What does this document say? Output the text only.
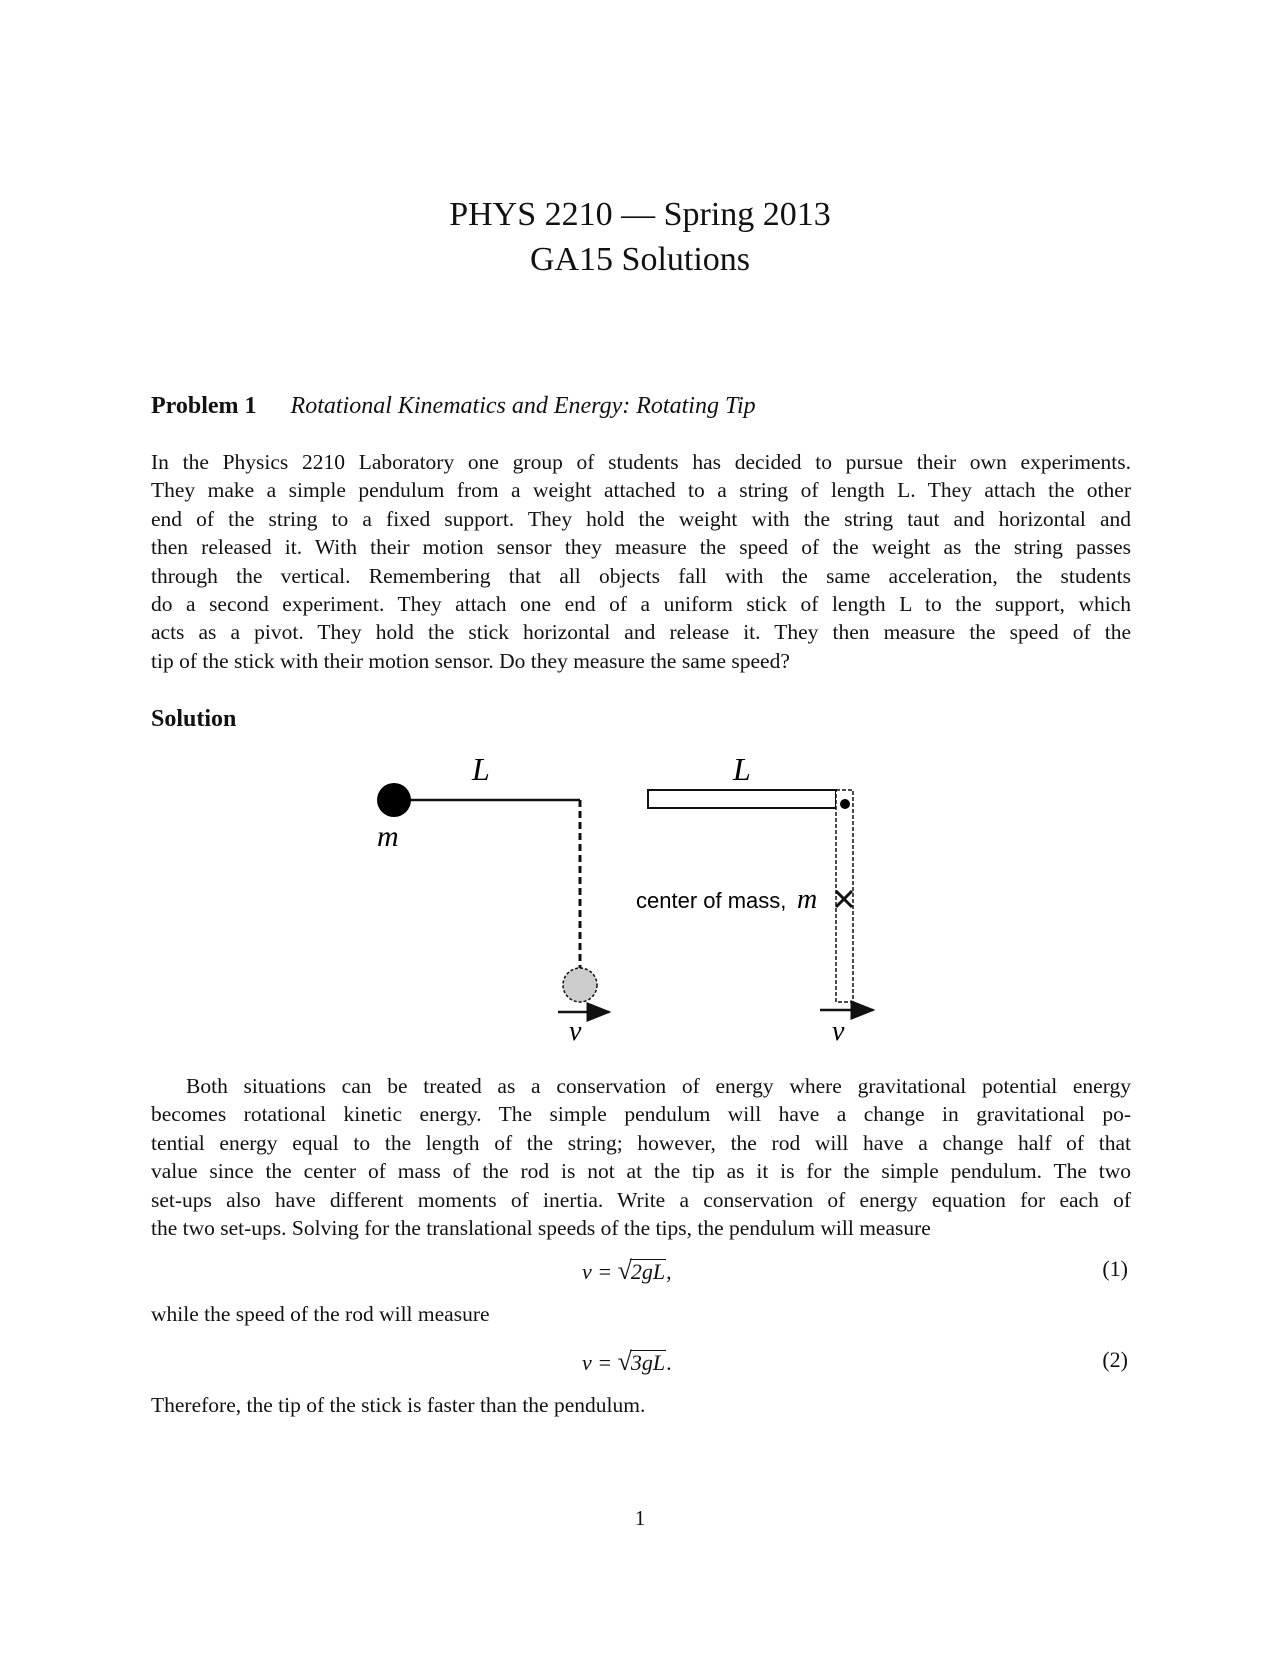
PHYS 2210 — Spring 2013
GA15 Solutions
Problem 1 Rotational Kinematics and Energy: Rotating Tip
In the Physics 2210 Laboratory one group of students has decided to pursue their own experiments.
They make a simple pendulum from a weight attached to a string of length L. They attach the other
end of the string to a fixed support. They hold the weight with the string taut and horizontal and
then released it. With their motion sensor they measure the speed of the weight as the string passes
through the vertical. Remembering that all objects fall with the same acceleration, the students
do a second experiment. They attach one end of a uniform stick of length L to the support, which
acts as a pivot. They hold the stick horizontal and release it. They then measure the speed of the
tip of the stick with their motion sensor. Do they measure the same speed?
Solution
L
m
v
L
center of mass, m
v
Both situations can be treated as a conservation of energy where gravitational potential energy
becomes rotational kinetic energy. The simple pendulum will have a change in gravitational po-
tential energy equal to the length of the string; however, the rod will have a change half of that
value since the center of mass of the rod is not at the tip as it is for the simple pendulum. The two
set-ups also have different moments of inertia. Write a conservation of energy equation for each of
the two set-ups. Solving for the translational speeds of the tips, the pendulum will measure
v = √2gL,	(1)
while the speed of the rod will measure
v = √3gL.	(2)
Therefore, the tip of the stick is faster than the pendulum.
1
